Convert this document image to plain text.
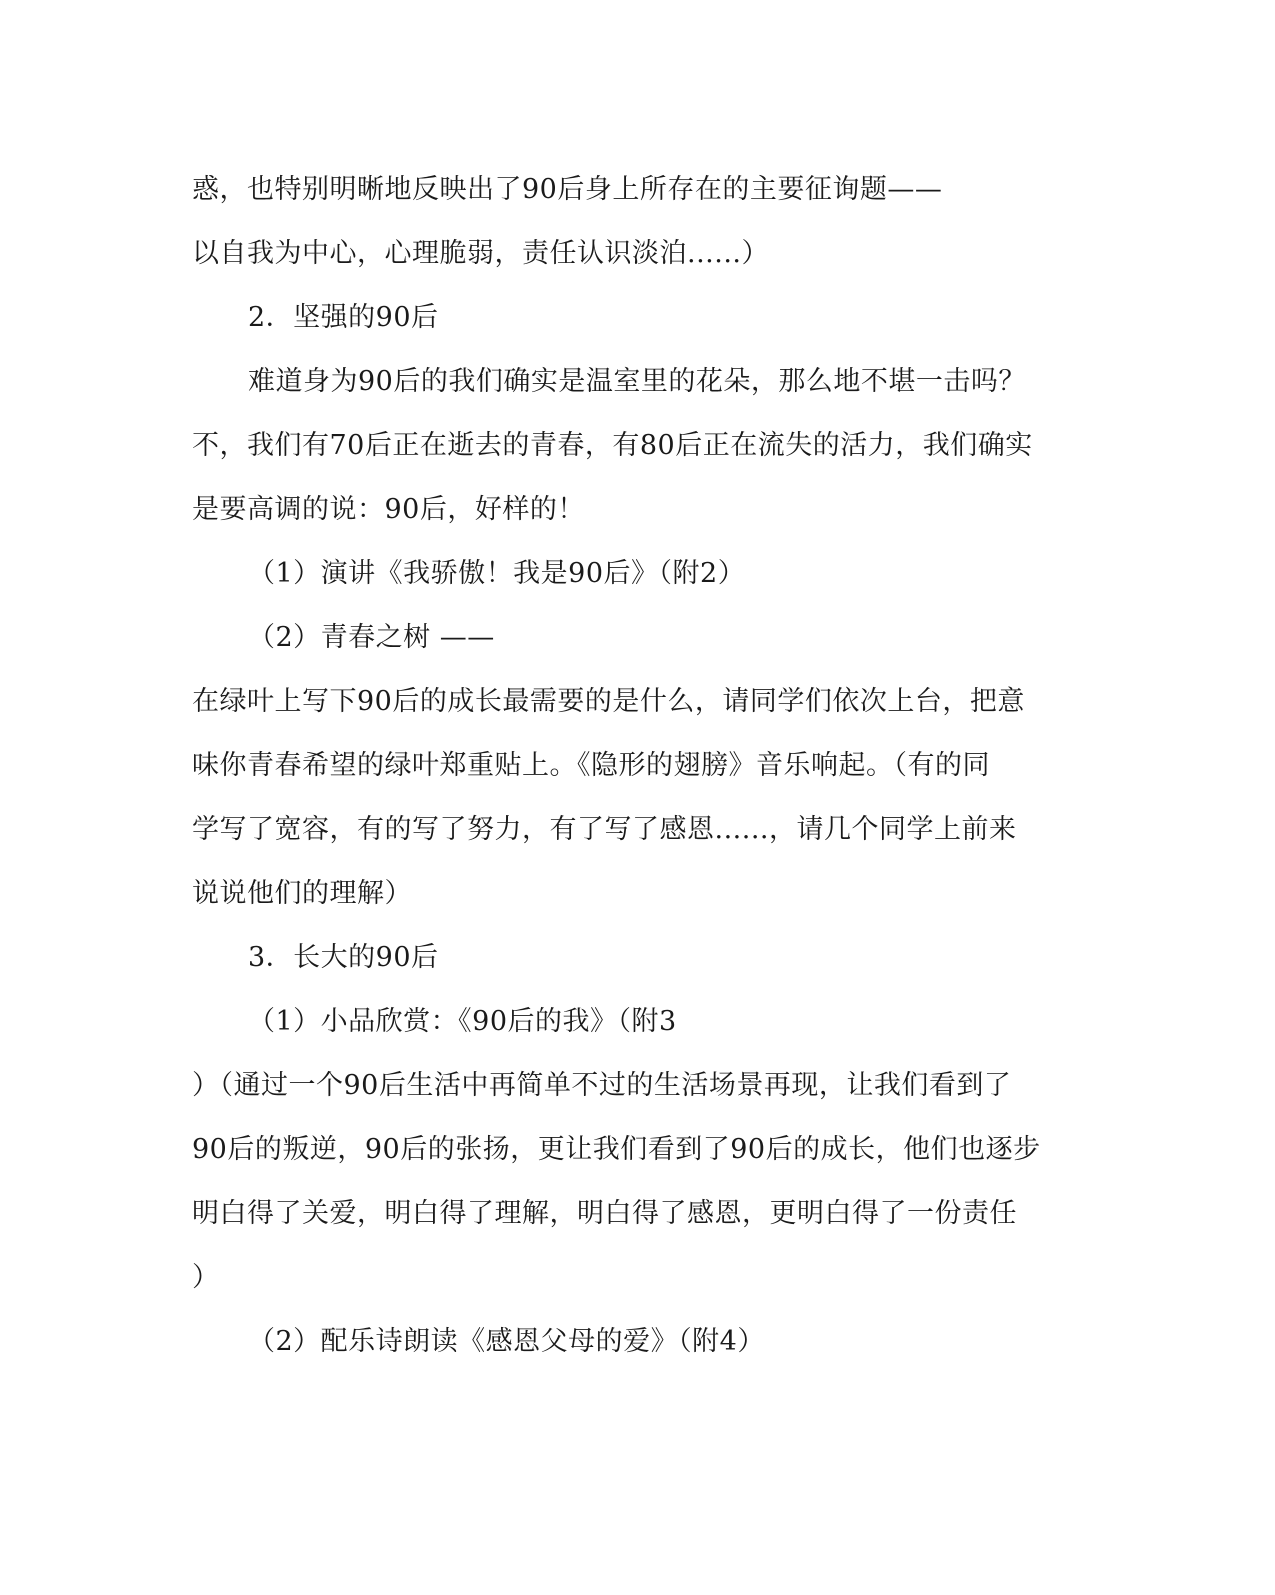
惑，也特别明晰地反映出了90后身上所存在的主要征询题——
以自我为中心，心理脆弱，责任认识淡泊......）
2．坚强的90后
难道身为90后的我们确实是温室里的花朵，那么地不堪一击吗？
不，我们有70后正在逝去的青春，有80后正在流失的活力，我们确实
是要高调的说：90后，好样的！
（1）演讲《我骄傲！我是90后》（附2）
（2）青春之树 ——
在绿叶上写下90后的成长最需要的是什么，请同学们依次上台，把意
味你青春希望的绿叶郑重贴上。《隐形的翅膀》音乐响起。（有的同
学写了宽容，有的写了努力，有了写了感恩......，请几个同学上前来
说说他们的理解）
3．长大的90后
（1）小品欣赏：《90后的我》（附3
）（通过一个90后生活中再简单不过的生活场景再现，让我们看到了
90后的叛逆，90后的张扬，更让我们看到了90后的成长，他们也逐步
明白得了关爱，明白得了理解，明白得了感恩，更明白得了一份责任
）
（2）配乐诗朗读《感恩父母的爱》（附4）
